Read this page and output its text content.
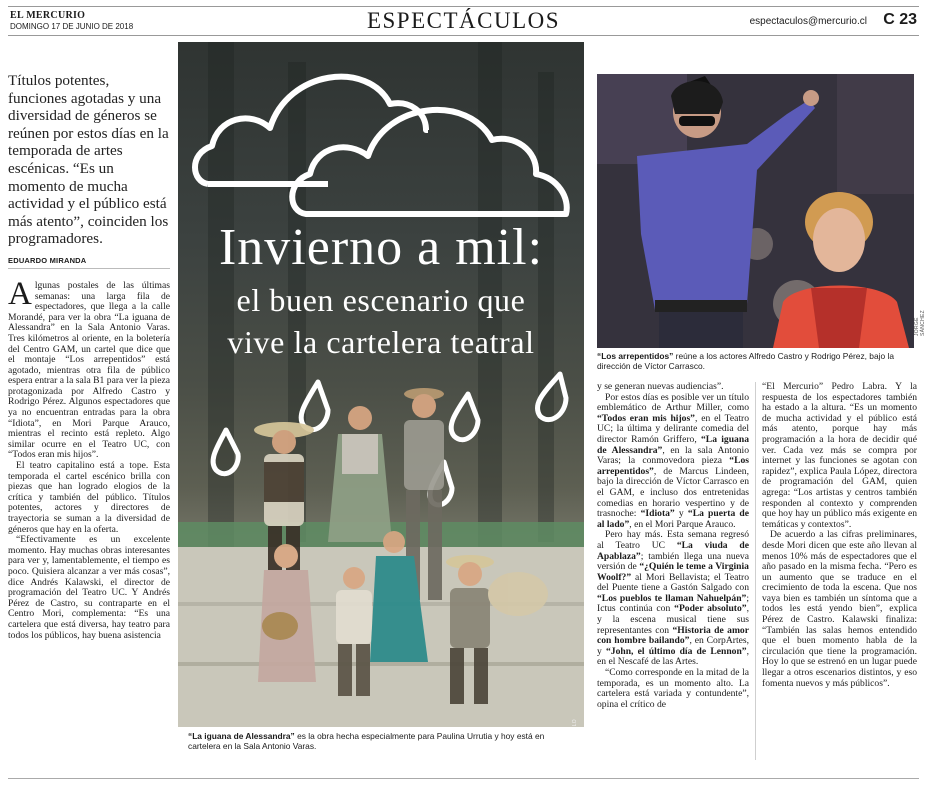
EL MERCURIO
DOMINGO 17 DE JUNIO DE 2018	ESPECTÁCULOS	espectaculos@mercurio.cl C 23
Títulos potentes, funciones agotadas y una diversidad de géneros se reúnen por estos días en la temporada de artes escénicas. “Es un momento de mucha actividad y el público está más atento”, coinciden los programadores.
EDUARDO MIRANDA

Algunas postales de las últimas semanas: una larga fila de espectadores, que llega a la calle Morandé, para ver la obra “La iguana de Alessandra” en la Sala Antonio Varas. Tres kilómetros al oriente, en la boletería del Centro GAM, un cartel que dice que el montaje “Los arrepentidos” está agotado, mientras otra fila de público espera entrar a la sala B1 para ver la pieza protagonizada por Alfredo Castro y Rodrigo Pérez. Algunos espectadores que ya no encuentran entradas para la obra “Idiota”, en Mori Parque Arauco, mientras el recinto está repleto. Algo similar ocurre en el Teatro UC, con “Todos eran mis hijos”.

El teatro capitalino está a tope. Esta temporada el cartel escénico brilla con piezas que han logrado elogios de la crítica y también del público. Títulos potentes, actores y directores de trayectoria se suman a la diversidad de géneros que hay en la oferta.

“Efectivamente es un excelente momento. Hay muchas obras interesantes para ver y, lamentablemente, el tiempo es poco. Quisiera alcanzar a ver más cosas”, dice Andrés Kalawski, el director de programación del Teatro UC. Y Andrés Pérez de Castro, su contraparte en el Centro Mori, complementa: “Es una cartelera que está diversa, hay teatro para todos los públicos, hay buena asistencia

Invierno a mil:
el buen escenario que
vive la cartelera teatral
“La iguana de Alessandra” es la obra hecha especialmente para Paulina Urrutia y hoy está en cartelera en la Sala Antonio Varas.
JORGE SÁNCHEZ
“Los arrepentidos” reúne a los actores Alfredo Castro y Rodrigo Pérez, bajo la dirección de Víctor Carrasco.

y se generan nuevas audiencias”.

Por estos días es posible ver un título emblemático de Arthur Miller, como “Todos eran mis hijos”, en el Teatro UC; la última y delirante comedia del director Ramón Griffero, “La iguana de Alessandra”, en la sala Antonio Varas; la conmovedora pieza “Los arrepentidos”, de Marcus Lindeen, bajo la dirección de Víctor Carrasco en el GAM, e incluso dos entretenidas comedias en horario vespertino y de trasnoche: “Idiota” y “La puerta de al lado”, en el Mori Parque Arauco.

Pero hay más. Esta semana regresó al Teatro UC “La viuda de Apablaza”; también llega una nueva versión de “¿Quién le teme a Virginia Woolf?” al Mori Bellavista; el Teatro del Puente tiene a Gastón Salgado con “Los pueblos te llaman Nahuelpán”; Ictus continúa con “Poder absoluto”, y la escena musical tiene sus representantes con “Historia de amor con hombre bailando”, en CorpArtes, y “John, el último día de Lennon”, en el Nescafé de las Artes.

“Como corresponde en la mitad de la temporada, es un momento alto. La cartelera está variada y contundente”, opina el crítico de

“El Mercurio” Pedro Labra. Y la respuesta de los espectadores también ha estado a la altura. “Es un momento de mucha actividad y el público está más atento, porque hay más programación a la hora de decidir qué ver. Cada vez más se compra por internet y las funciones se agotan con rapidez”, explica Paula López, directora de programación del GAM, quien agrega: “Los artistas y centros también responden al contexto y comprenden que hoy hay un público más exigente en temáticas y contextos”.

De acuerdo a las cifras preliminares, desde Mori dicen que este año llevan al menos 10% más de espectadores que el año pasado en la misma fecha. “Pero es un aumento que se traduce en el crecimiento de toda la escena. Que nos vaya bien es también un síntoma que a todos les está yendo bien”, explica Pérez de Castro. Kalawski finaliza: “También las salas hemos entendido que el buen momento habla de la circulación que tiene la programación. Hoy lo que se estrenó en un lugar puede llegar a otros escenarios distintos, y eso fomenta nuevos y más públicos”.
